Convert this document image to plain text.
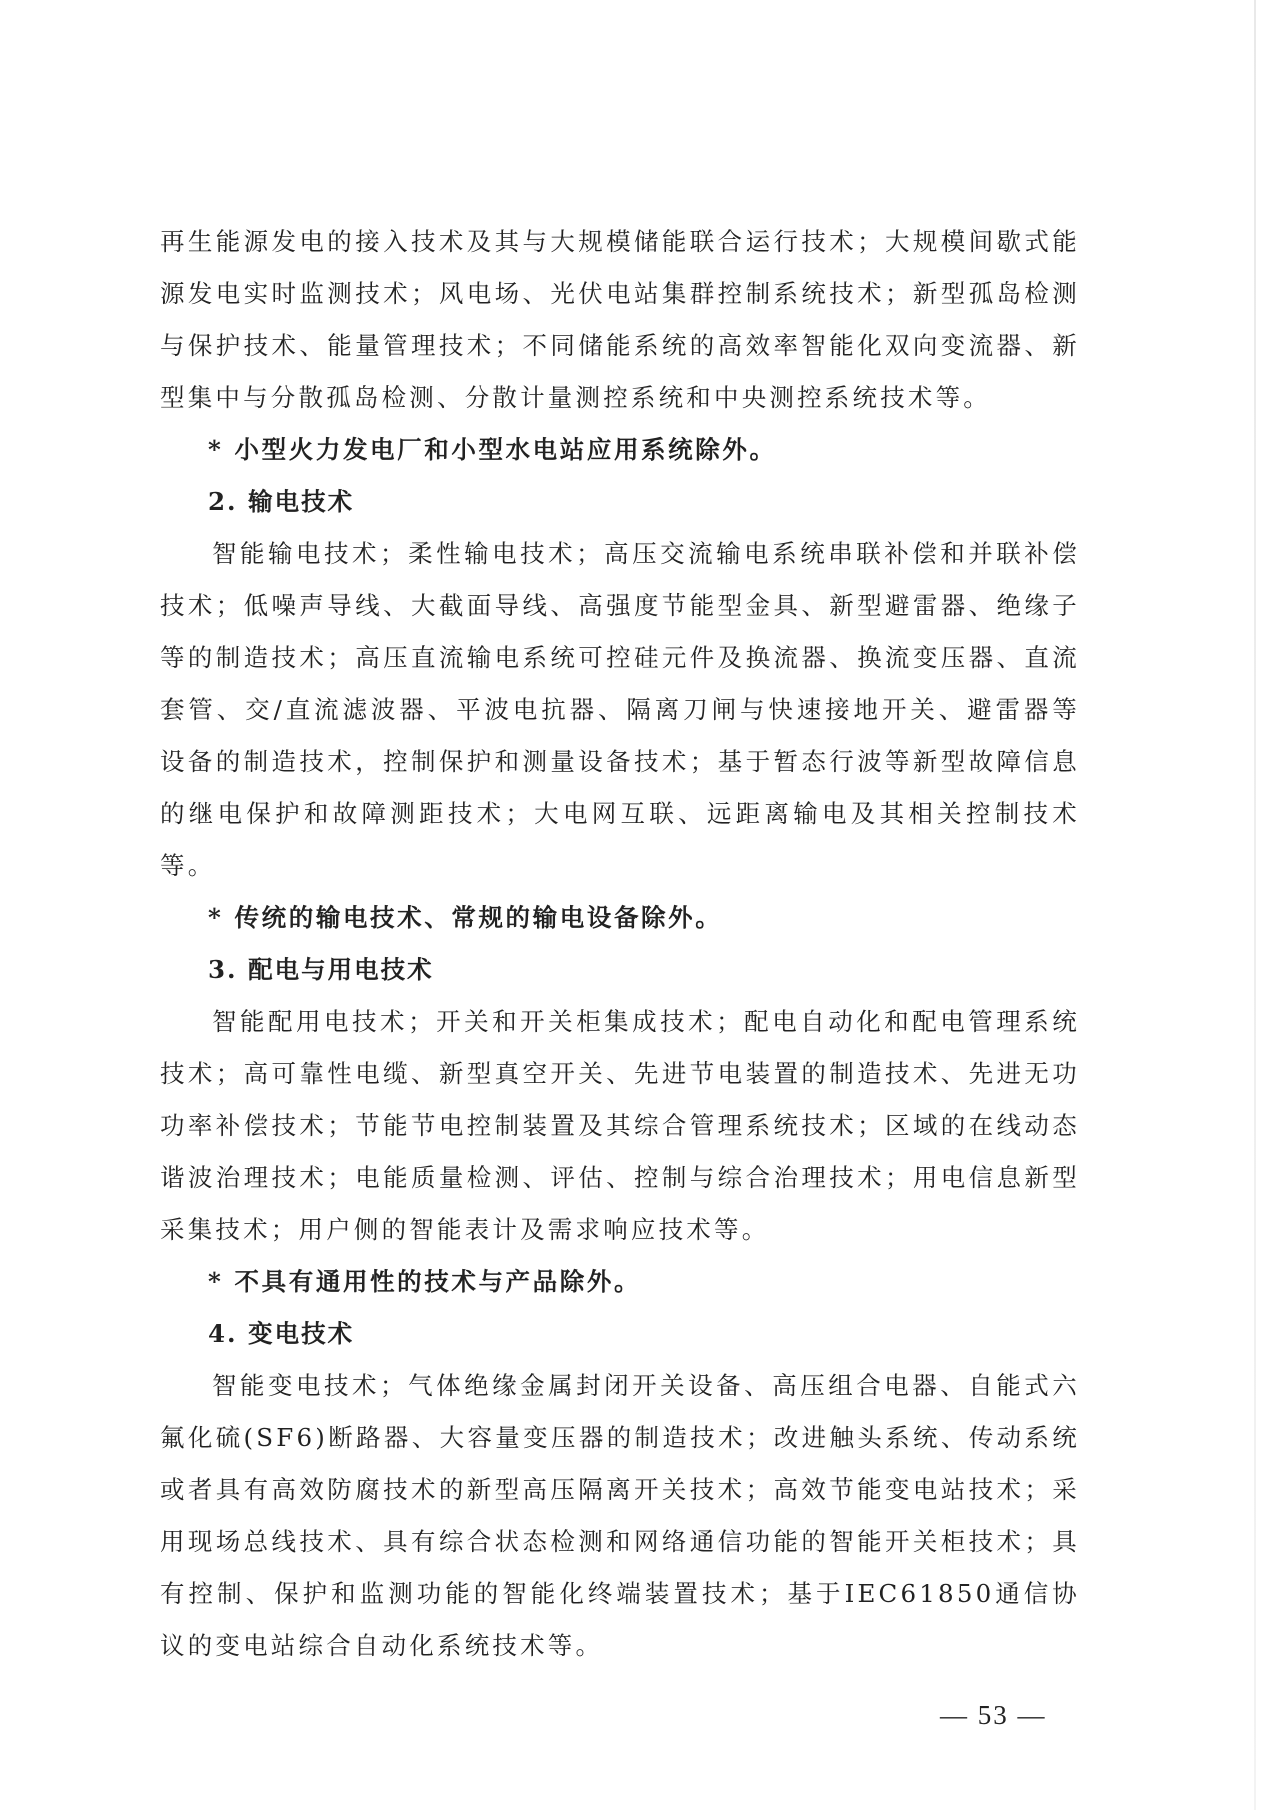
再生能源发电的接入技术及其与大规模储能联合运行技术；大规模间歇式能源发电实时监测技术；风电场、光伏电站集群控制系统技术；新型孤岛检测与保护技术、能量管理技术；不同储能系统的高效率智能化双向变流器、新型集中与分散孤岛检测、分散计量测控系统和中央测控系统技术等。

* 小型火力发电厂和小型水电站应用系统除外。

2. 输电技术

智能输电技术；柔性输电技术；高压交流输电系统串联补偿和并联补偿技术；低噪声导线、大截面导线、高强度节能型金具、新型避雷器、绝缘子等的制造技术；高压直流输电系统可控硅元件及换流器、换流变压器、直流套管、交/直流滤波器、平波电抗器、隔离刀闸与快速接地开关、避雷器等设备的制造技术，控制保护和测量设备技术；基于暂态行波等新型故障信息的继电保护和故障测距技术；大电网互联、远距离输电及其相关控制技术等。

* 传统的输电技术、常规的输电设备除外。

3. 配电与用电技术

智能配用电技术；开关和开关柜集成技术；配电自动化和配电管理系统技术；高可靠性电缆、新型真空开关、先进节电装置的制造技术、先进无功功率补偿技术；节能节电控制装置及其综合管理系统技术；区域的在线动态谐波治理技术；电能质量检测、评估、控制与综合治理技术；用电信息新型采集技术；用户侧的智能表计及需求响应技术等。

* 不具有通用性的技术与产品除外。

4. 变电技术

智能变电技术；气体绝缘金属封闭开关设备、高压组合电器、自能式六氟化硫(SF6)断路器、大容量变压器的制造技术；改进触头系统、传动系统或者具有高效防腐技术的新型高压隔离开关技术；高效节能变电站技术；采用现场总线技术、具有综合状态检测和网络通信功能的智能开关柜技术；具有控制、保护和监测功能的智能化终端装置技术；基于IEC61850通信协议的变电站综合自动化系统技术等。

— 53 —
